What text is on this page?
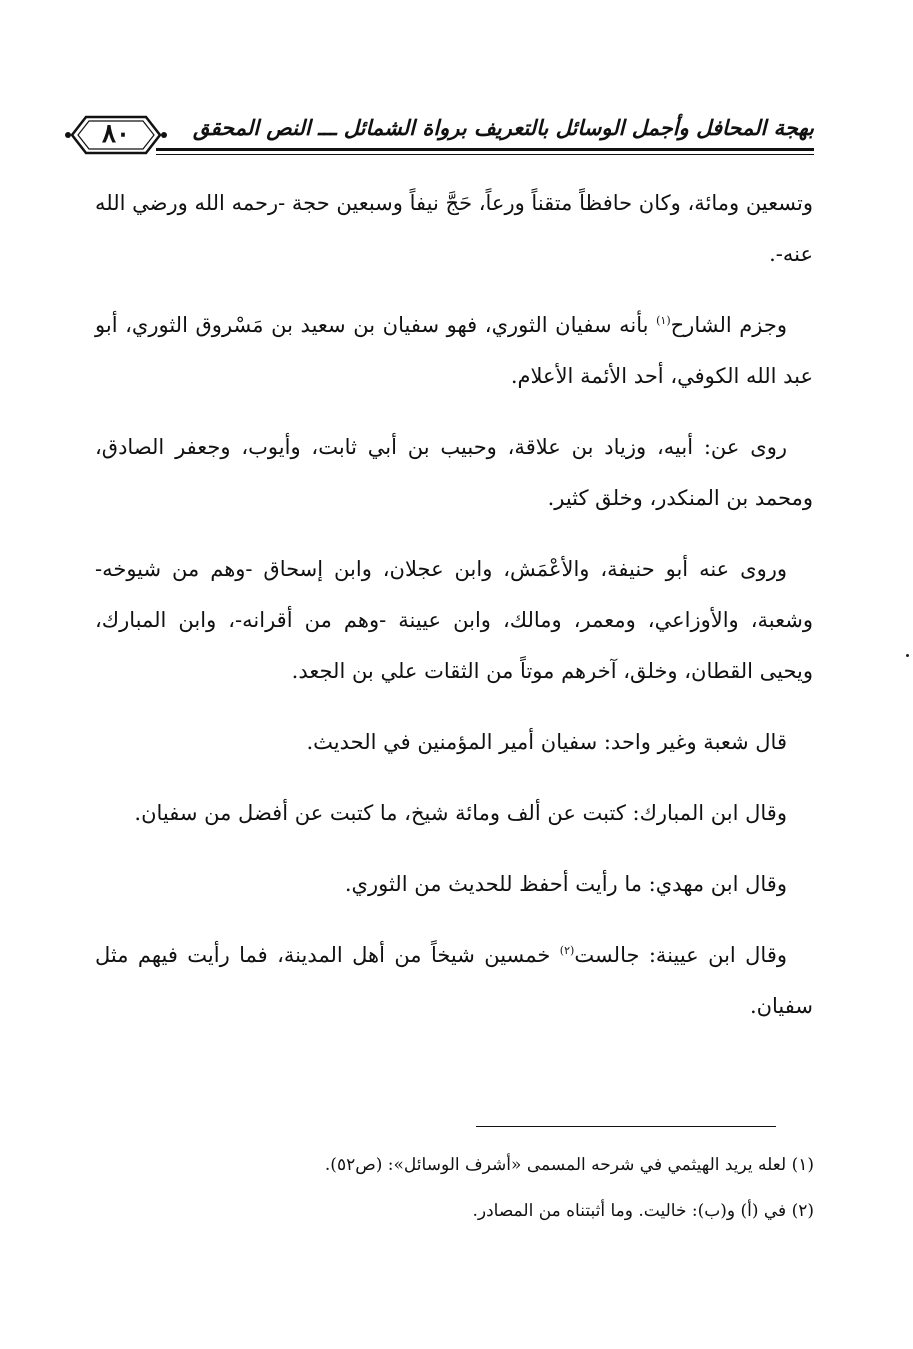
بهجة المحافل وأجمل الوسائل بالتعريف برواة الشمائل ـــ النص المحقق
٨٠

وتسعين ومائة، وكان حافظاً متقناً ورعاً، حَجَّ نيفاً وسبعين حجة -رحمه الله ورضي الله عنه-.

وجزم الشارح$^{(١)}$ بأنه سفيان الثوري، فهو سفيان بن سعيد بن مَسْروق الثوري، أبو عبد الله الكوفي، أحد الأئمة الأعلام.

روى عن: أبيه، وزياد بن علاقة، وحبيب بن أبي ثابت، وأيوب، وجعفر الصادق، ومحمد بن المنكدر، وخلق كثير.

وروى عنه أبو حنيفة، والأعْمَش، وابن عجلان، وابن إسحاق -وهم من شيوخه- وشعبة، والأوزاعي، ومعمر، ومالك، وابن عيينة -وهم من أقرانه-، وابن المبارك، ويحيى القطان، وخلق، آخرهم موتاً من الثقات علي بن الجعد.

قال شعبة وغير واحد: سفيان أمير المؤمنين في الحديث.

وقال ابن المبارك: كتبت عن ألف ومائة شيخ، ما كتبت عن أفضل من سفيان.

وقال ابن مهدي: ما رأيت أحفظ للحديث من الثوري.

وقال ابن عيينة: جالست$^{(٢)}$ خمسين شيخاً من أهل المدينة، فما رأيت فيهم مثل سفيان.

(١) لعله يريد الهيثمي في شرحه المسمى «أشرف الوسائل»: (ص٥٢).

(٢) في (أ) و(ب): خاليت. وما أثبتناه من المصادر.
